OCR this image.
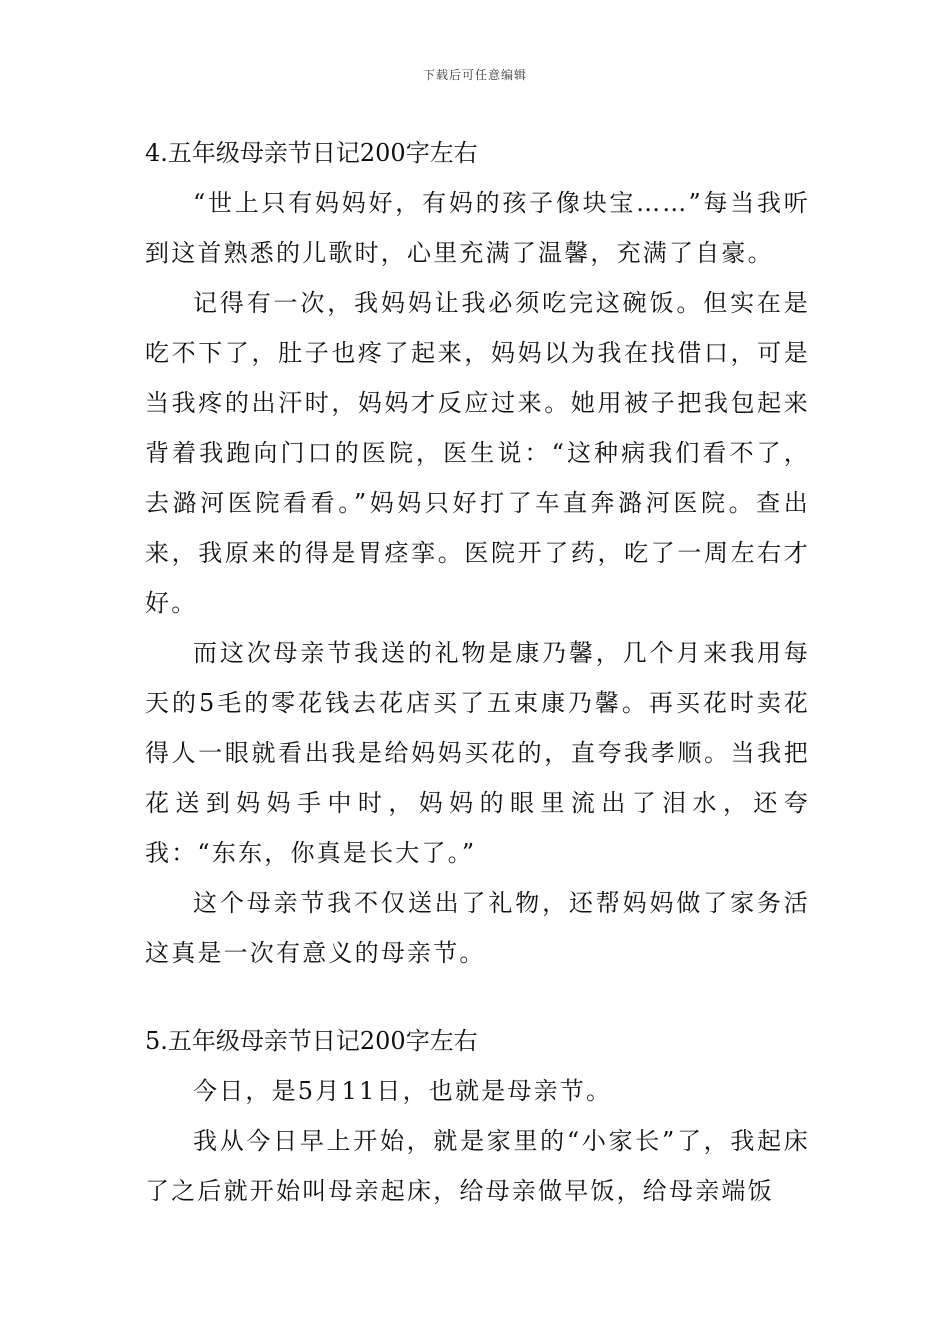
下载后可任意编辑
4.五年级母亲节日记200字左右

“世上只有妈妈好，有妈的孩子像块宝……”每当我听到这首熟悉的儿歌时，心里充满了温馨，充满了自豪。

记得有一次，我妈妈让我必须吃完这碗饭。但实在是吃不下了，肚子也疼了起来，妈妈以为我在找借口，可是当我疼的出汗时，妈妈才反应过来。她用被子把我包起来背着我跑向门口的医院，医生说：“这种病我们看不了，去潞河医院看看。”妈妈只好打了车直奔潞河医院。查出来，我原来的得是胃痉挛。医院开了药，吃了一周左右才好。

而这次母亲节我送的礼物是康乃馨，几个月来我用每天的5毛的零花钱去花店买了五束康乃馨。再买花时卖花得人一眼就看出我是给妈妈买花的，直夸我孝顺。当我把花送到妈妈手中时，妈妈的眼里流出了泪水，还夸我：“东东，你真是长大了。”

这个母亲节我不仅送出了礼物，还帮妈妈做了家务活这真是一次有意义的母亲节。

5.五年级母亲节日记200字左右

今日，是5月11日，也就是母亲节。

我从今日早上开始，就是家里的“小家长”了，我起床了之后就开始叫母亲起床，给母亲做早饭，给母亲端饭
